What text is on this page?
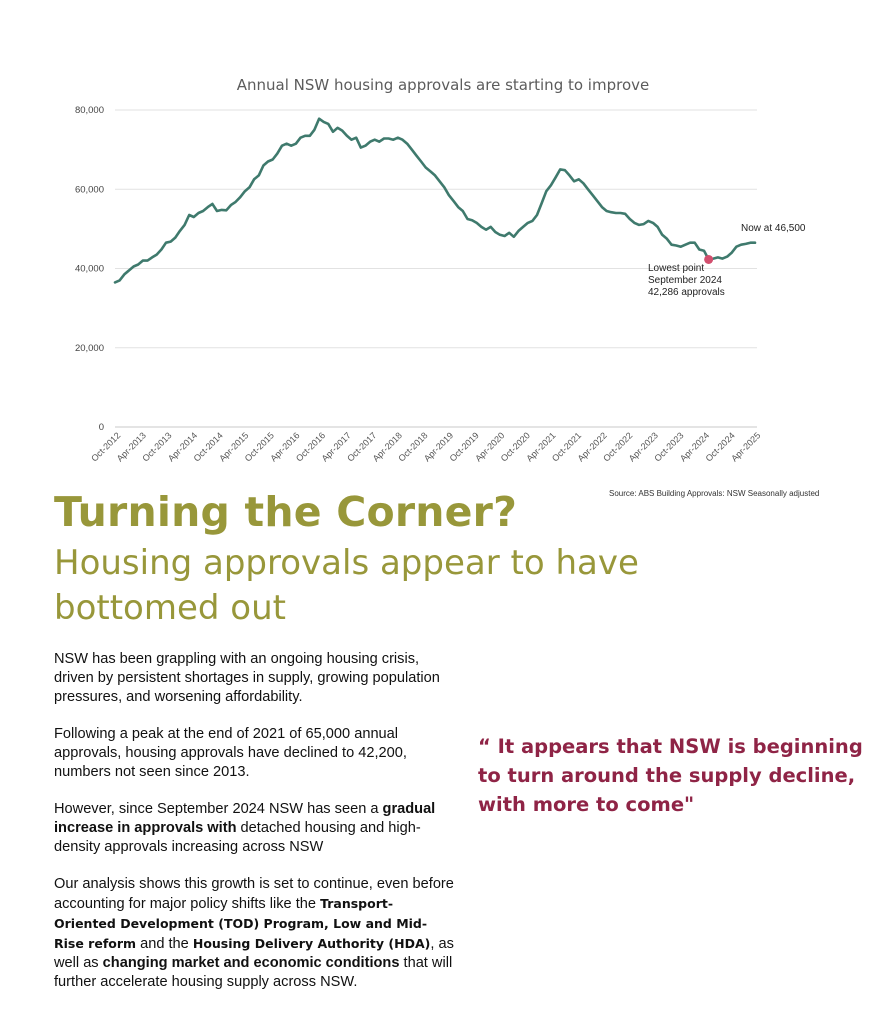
Annual NSW housing approvals are starting to improve
0
20,000
40,000
60,000
80,000
Oct-2012
Apr-2013
Oct-2013
Apr-2014
Oct-2014
Apr-2015
Oct-2015
Apr-2016
Oct-2016
Apr-2017
Oct-2017
Apr-2018
Oct-2018
Apr-2019
Oct-2019
Apr-2020
Oct-2020
Apr-2021
Oct-2021
Apr-2022
Oct-2022
Apr-2023
Oct-2023
Apr-2024
Oct-2024
Apr-2025
Lowest point
September 2024
42,286 approvals
Now at 46,500
Source: ABS Building Approvals: NSW Seasonally adjusted
Turning the Corner?
Housing approvals appear to have bottomed out

NSW has been grappling with an ongoing housing crisis, driven by persistent shortages in supply, growing population pressures, and worsening affordability.

Following a peak at the end of 2021 of 65,000 annual approvals, housing approvals have declined to 42,200, numbers not seen since 2013.

However, since September 2024 NSW has seen a gradual increase in approvals with detached housing and high-density approvals increasing across NSW

Our analysis shows this growth is set to continue, even before accounting for major policy shifts like the Transport-Oriented Development (TOD) Program, Low and Mid-Rise reform and the Housing Delivery Authority (HDA), as well as changing market and economic conditions that will further accelerate housing supply across NSW.

“ It appears that NSW is beginning to turn around the supply decline, with more to come"
